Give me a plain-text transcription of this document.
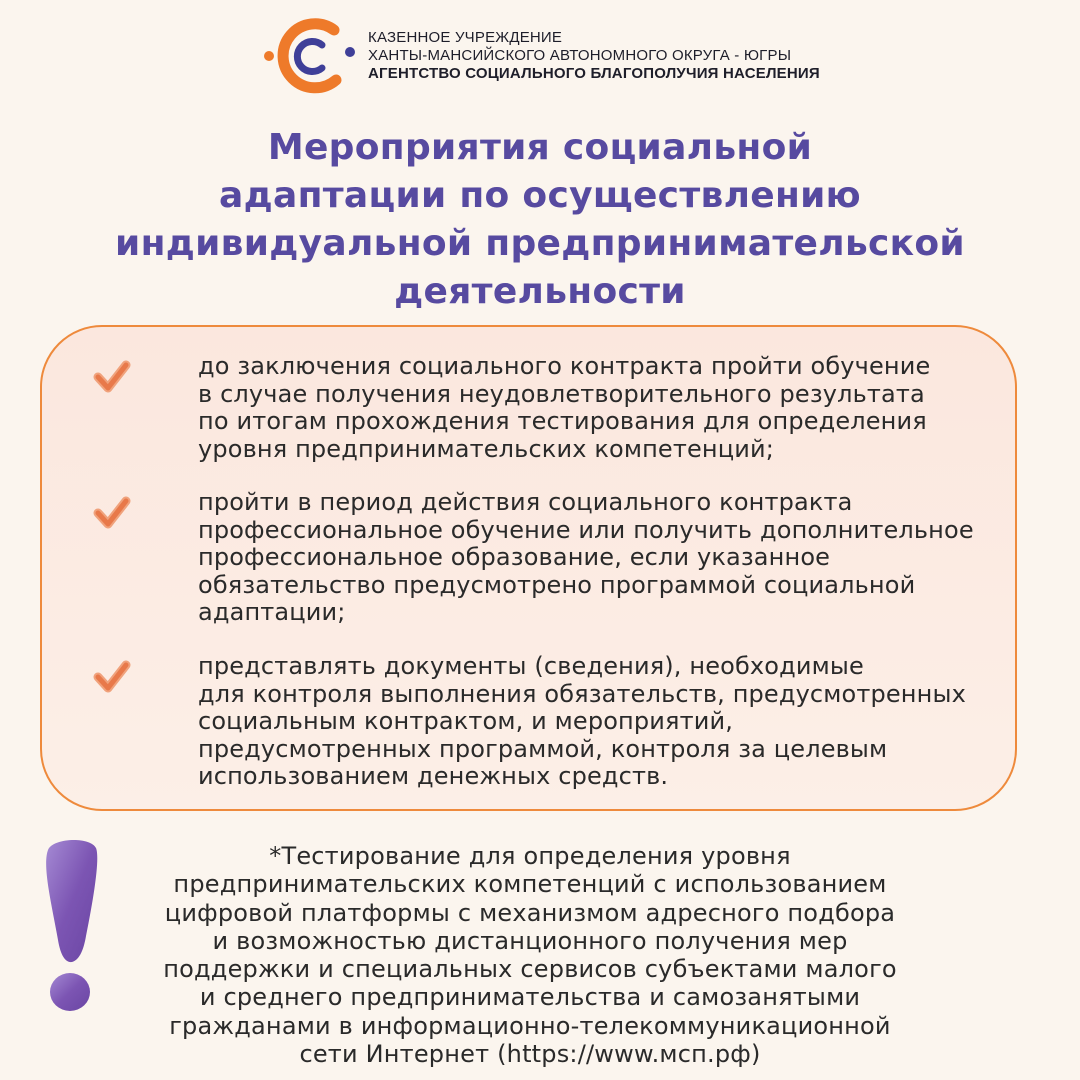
КАЗЕННОЕ УЧРЕЖДЕНИЕ
ХАНТЫ-МАНСИЙСКОГО АВТОНОМНОГО ОКРУГА - ЮГРЫ
АГЕНТСТВО СОЦИАЛЬНОГО БЛАГОПОЛУЧИЯ НАСЕЛЕНИЯ
Мероприятия социальной
адаптации по осуществлению
индивидуальной предпринимательской
деятельности
до заключения социального контракта пройти обучение
в случае получения неудовлетворительного результата
по итогам прохождения тестирования для определения
уровня предпринимательских компетенций;
пройти в период действия социального контракта
профессиональное обучение или получить дополнительное
профессиональное образование, если указанное
обязательство предусмотрено программой социальной
адаптации;
представлять документы (сведения), необходимые
для контроля выполнения обязательств, предусмотренных
социальным контрактом, и мероприятий,
предусмотренных программой, контроля за целевым
использованием денежных средств.
*Тестирование для определения уровня
предпринимательских компетенций с использованием
цифровой платформы с механизмом адресного подбора
и возможностью дистанционного получения мер
поддержки и специальных сервисов субъектами малого
и среднего предпринимательства и самозанятыми
гражданами в информационно-телекоммуникационной
сети Интернет (https://www.мсп.рф)
